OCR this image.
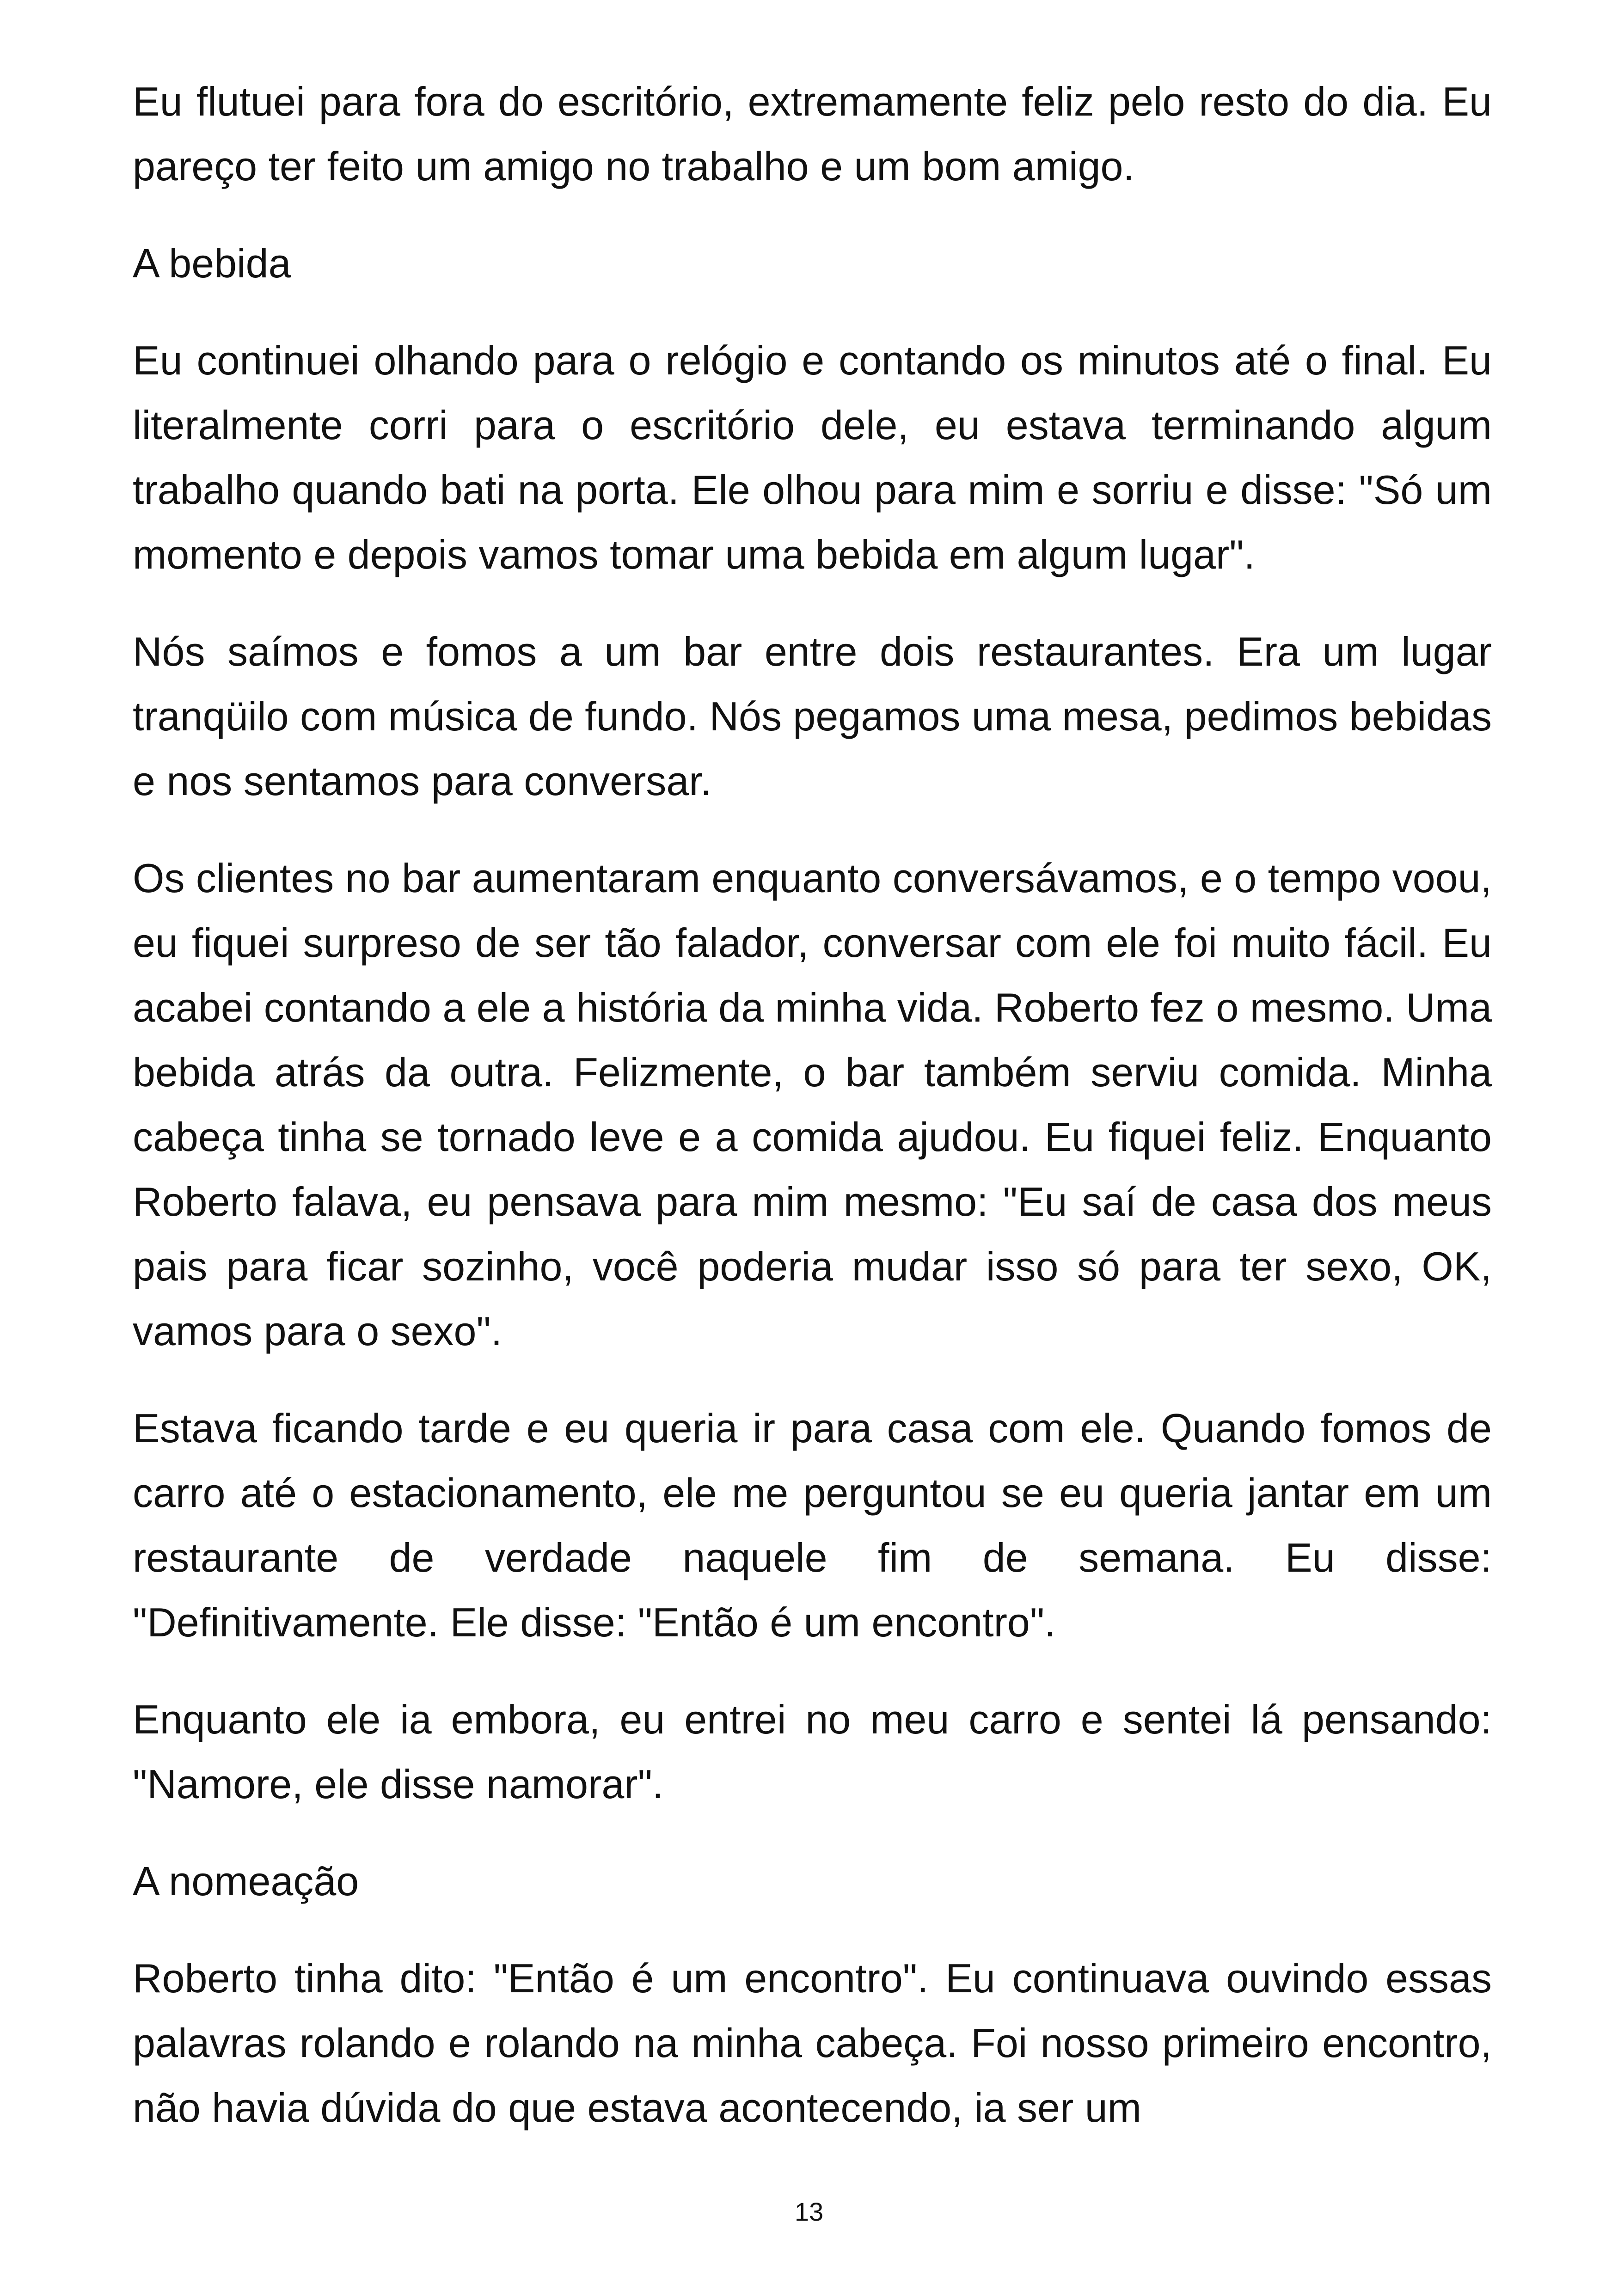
Eu flutuei para fora do escritório, extremamente feliz pelo resto do dia. Eu pareço ter feito um amigo no trabalho e um bom amigo.

A bebida

Eu continuei olhando para o relógio e contando os minutos até o final. Eu literalmente corri para o escritório dele, eu estava terminando algum trabalho quando bati na porta. Ele olhou para mim e sorriu e disse: "Só um momento e depois vamos tomar uma bebida em algum lugar".

Nós saímos e fomos a um bar entre dois restaurantes. Era um lugar tranqüilo com música de fundo. Nós pegamos uma mesa, pedimos bebidas e nos sentamos para conversar.

Os clientes no bar aumentaram enquanto conversávamos, e o tempo voou, eu fiquei surpreso de ser tão falador, conversar com ele foi muito fácil. Eu acabei contando a ele a história da minha vida. Roberto fez o mesmo. Uma bebida atrás da outra. Felizmente, o bar também serviu comida. Minha cabeça tinha se tornado leve e a comida ajudou. Eu fiquei feliz. Enquanto Roberto falava, eu pensava para mim mesmo: "Eu saí de casa dos meus pais para ficar sozinho, você poderia mudar isso só para ter sexo, OK, vamos para o sexo".

Estava ficando tarde e eu queria ir para casa com ele. Quando fomos de carro até o estacionamento, ele me perguntou se eu queria jantar em um restaurante de verdade naquele fim de semana. Eu disse: "Definitivamente. Ele disse: "Então é um encontro".

Enquanto ele ia embora, eu entrei no meu carro e sentei lá pensando: "Namore, ele disse namorar".

A nomeação

Roberto tinha dito: "Então é um encontro". Eu continuava ouvindo essas palavras rolando e rolando na minha cabeça. Foi nosso primeiro encontro, não havia dúvida do que estava acontecendo, ia ser um

13
